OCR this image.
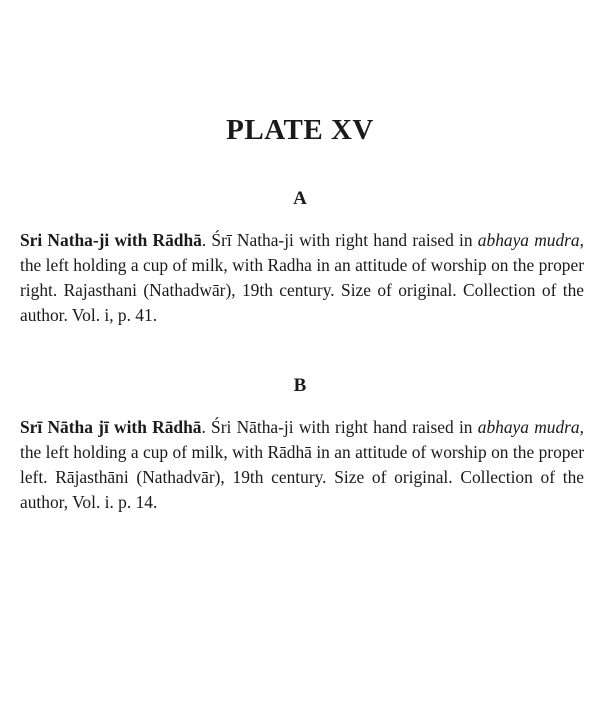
PLATE XV
A

Sri Natha-ji with Rādhā. Śrī Natha-ji with right hand raised in abhaya mudra, the left holding a cup of milk, with Radha in an attitude of worship on the proper right. Rajasthani (Nathadwār), 19th century. Size of original. Collection of the author. Vol. i, p. 41.

B

Srī Nātha jī with Rādhā. Śri Nātha-ji with right hand raised in abhaya mudra, the left holding a cup of milk, with Rādhā in an attitude of worship on the proper left. Rājasthāni (Nathadvār), 19th century. Size of original. Collection of the author, Vol. i. p. 14.
